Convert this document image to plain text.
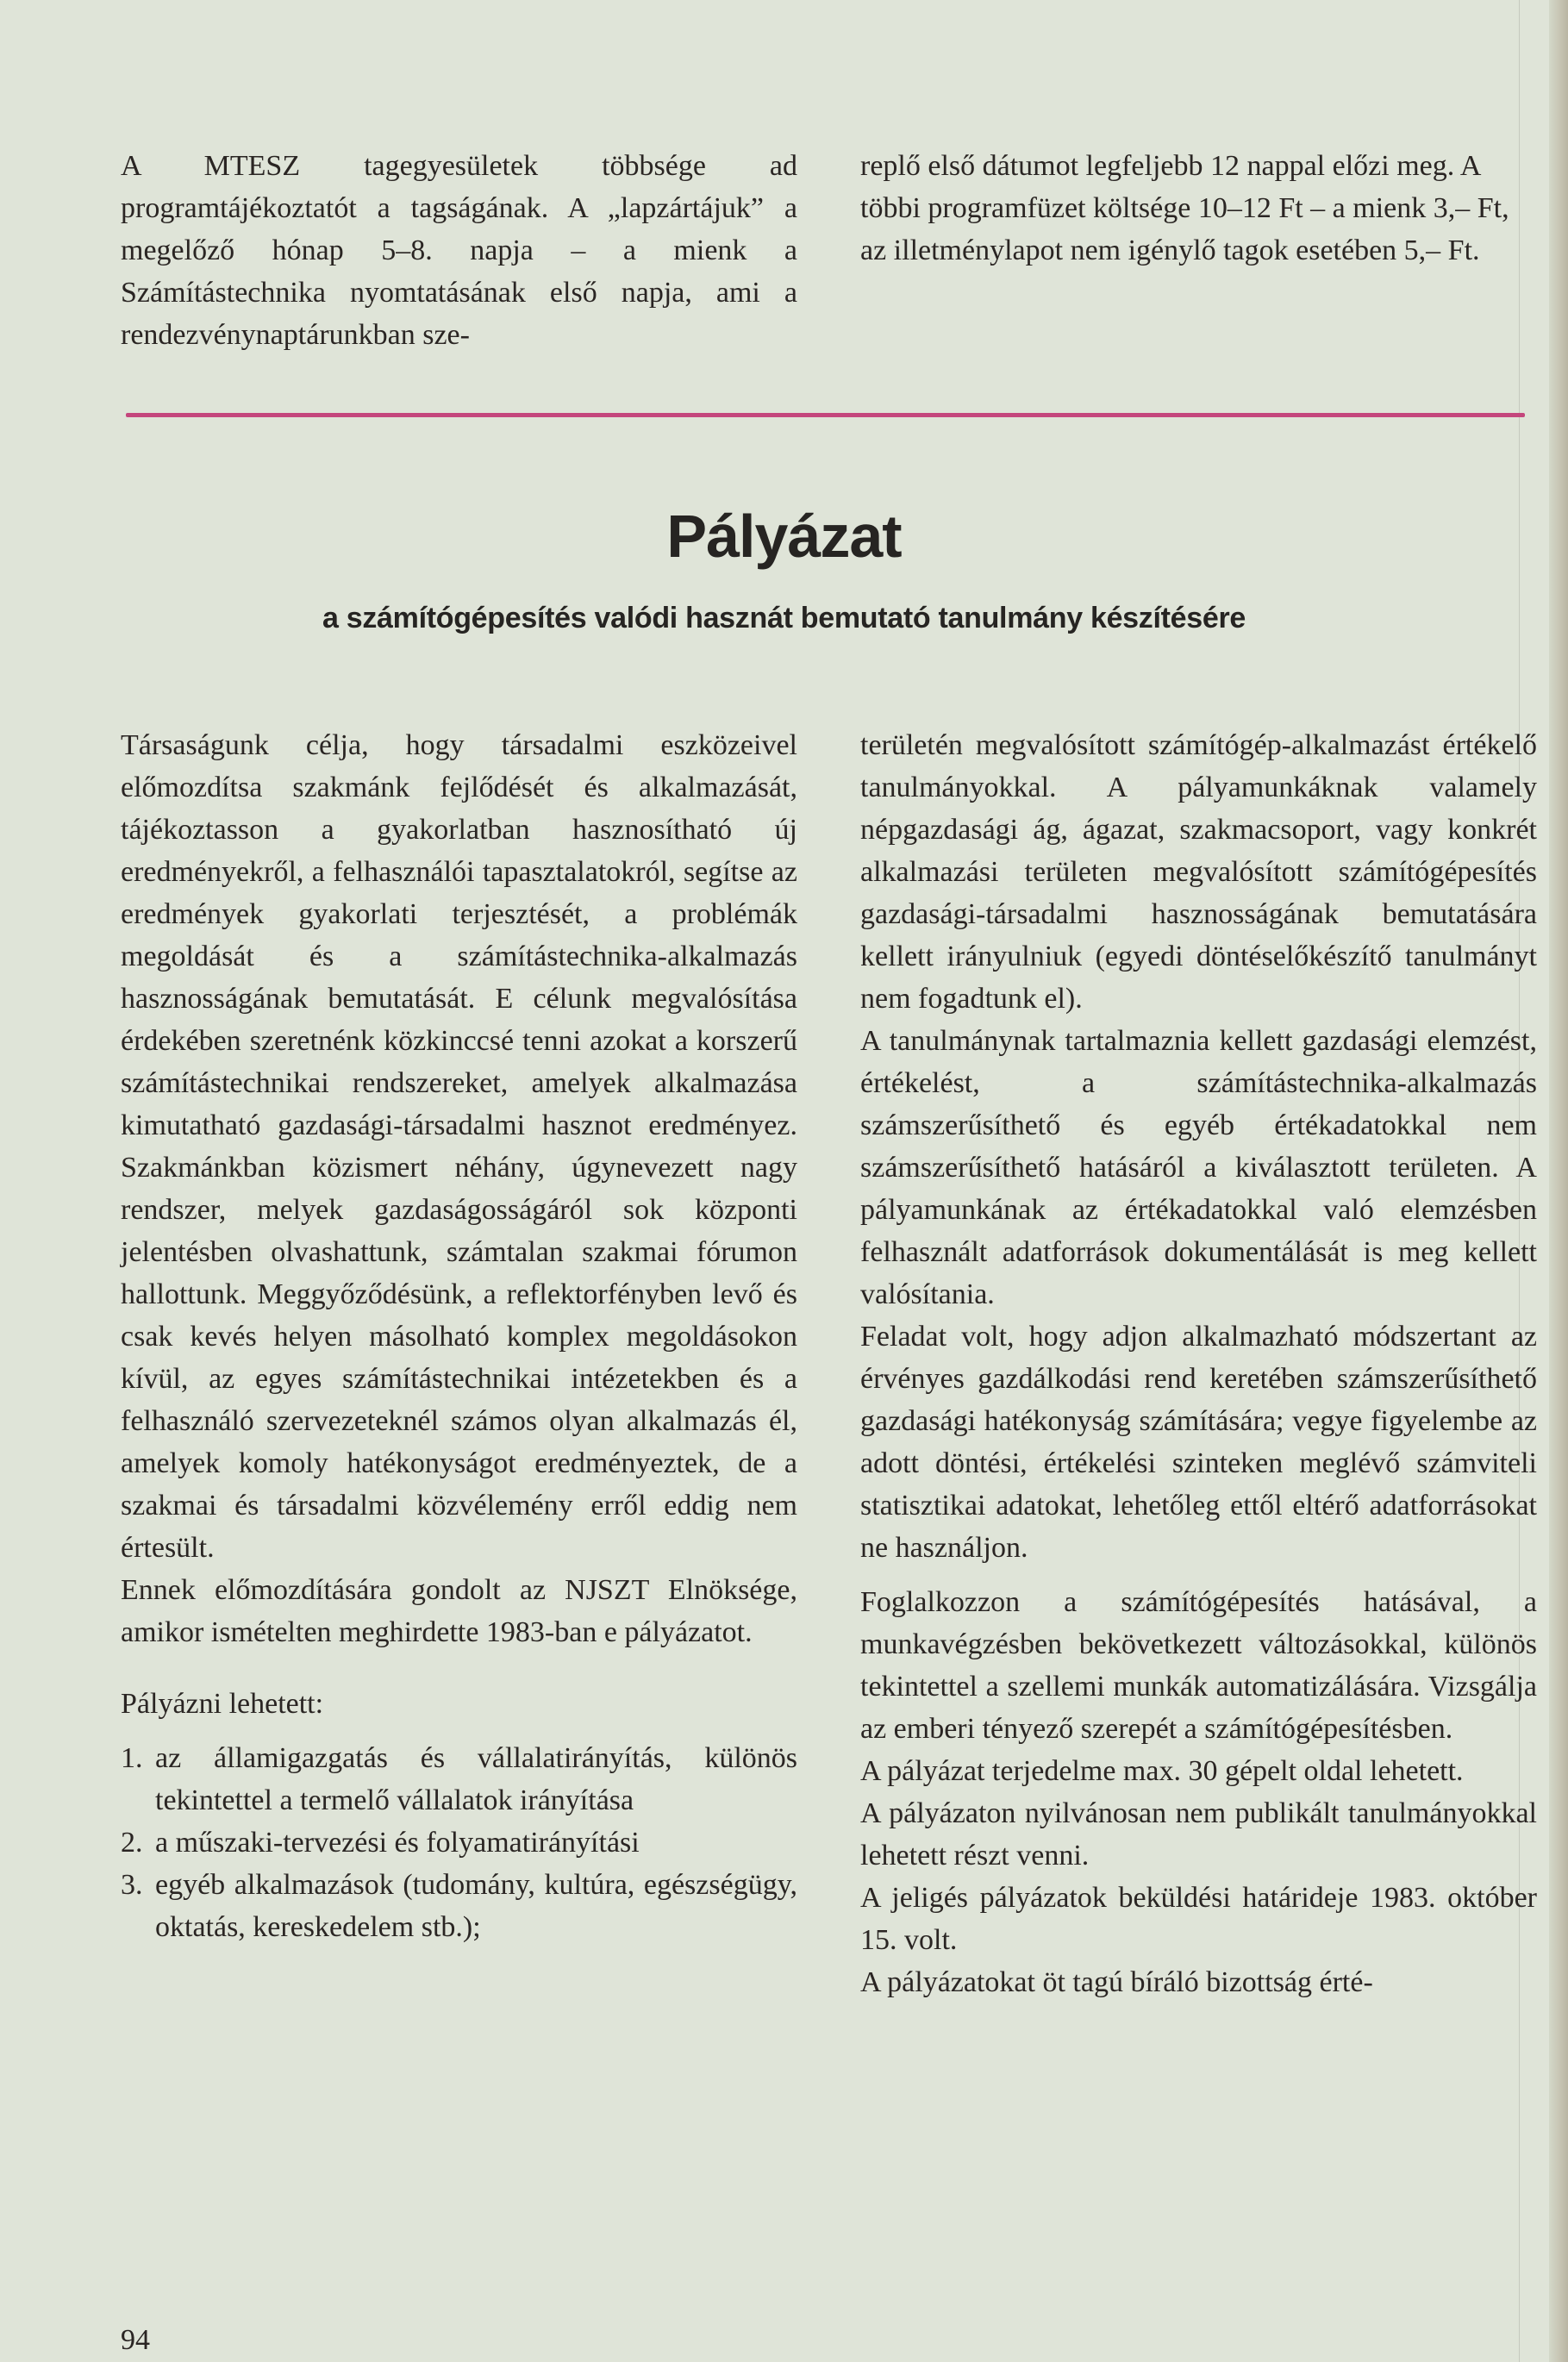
A MTESZ tagegyesületek többsége ad programtájékoztatót a tagságának. A „lapzártájuk” a megelőző hónap 5–8. napja – a mienk a Számítástechnika nyomtatásának első napja, ami a rendezvénynaptárunkban sze-

replő első dátumot legfeljebb 12 nappal előzi meg. A többi programfüzet költsége 10–12 Ft – a mienk 3,– Ft, az illetménylapot nem igénylő tagok esetében 5,– Ft.

Pályázat
a számítógépesítés valódi hasznát bemutató tanulmány készítésére

Társaságunk célja, hogy társadalmi eszközeivel előmozdítsa szakmánk fejlődését és alkalmazását, tájékoztasson a gyakorlatban hasznosítható új eredményekről, a felhasználói tapasztalatokról, segítse az eredmények gyakorlati terjesztését, a problémák megoldását és a számítástechnika-alkalmazás hasznosságának bemutatását. E célunk megvalósítása érdekében szeretnénk közkinccsé tenni azokat a korszerű számítástechnikai rendszereket, amelyek alkalmazása kimutatható gazdasági-társadalmi hasznot eredményez. Szakmánkban közismert néhány, úgynevezett nagy rendszer, melyek gazdaságosságáról sok központi jelentésben olvashattunk, számtalan szakmai fórumon hallottunk. Meggyőződésünk, a reflektorfényben levő és csak kevés helyen másolható komplex megoldásokon kívül, az egyes számítástechnikai intézetekben és a felhasználó szervezeteknél számos olyan alkalmazás él, amelyek komoly hatékonyságot eredményeztek, de a szakmai és társadalmi közvélemény erről eddig nem értesült.

Ennek előmozdítására gondolt az NJSZT Elnöksége, amikor ismételten meghirdette 1983-ban e pályázatot.

Pályázni lehetett:

1. az államigazgatás és vállalatirányítás, különös tekintettel a termelő vállalatok irányítása
2. a műszaki-tervezési és folyamatirányítási
3. egyéb alkalmazások (tudomány, kultúra, egészségügy, oktatás, kereskedelem stb.);

területén megvalósított számítógép-alkalmazást értékelő tanulmányokkal. A pályamunkáknak valamely népgazdasági ág, ágazat, szakmacsoport, vagy konkrét alkalmazási területen megvalósított számítógépesítés gazdasági-társadalmi hasznosságának bemutatására kellett irányulniuk (egyedi döntéselőkészítő tanulmányt nem fogadtunk el).

A tanulmánynak tartalmaznia kellett gazdasági elemzést, értékelést, a számítástechnika-alkalmazás számszerűsíthető és egyéb értékadatokkal nem számszerűsíthető hatásáról a kiválasztott területen. A pályamunkának az értékadatokkal való elemzésben felhasznált adatforrások dokumentálását is meg kellett valósítania.

Feladat volt, hogy adjon alkalmazható módszertant az érvényes gazdálkodási rend keretében számszerűsíthető gazdasági hatékonyság számítására; vegye figyelembe az adott döntési, értékelési szinteken meglévő számviteli statisztikai adatokat, lehetőleg ettől eltérő adatforrásokat ne használjon.

Foglalkozzon a számítógépesítés hatásával, a munkavégzésben bekövetkezett változásokkal, különös tekintettel a szellemi munkák automatizálására. Vizsgálja az emberi tényező szerepét a számítógépesítésben.

A pályázat terjedelme max. 30 gépelt oldal lehetett.

A pályázaton nyilvánosan nem publikált tanulmányokkal lehetett részt venni.

A jeligés pályázatok beküldési határideje 1983. október 15. volt.

A pályázatokat öt tagú bíráló bizottság érté-

94
